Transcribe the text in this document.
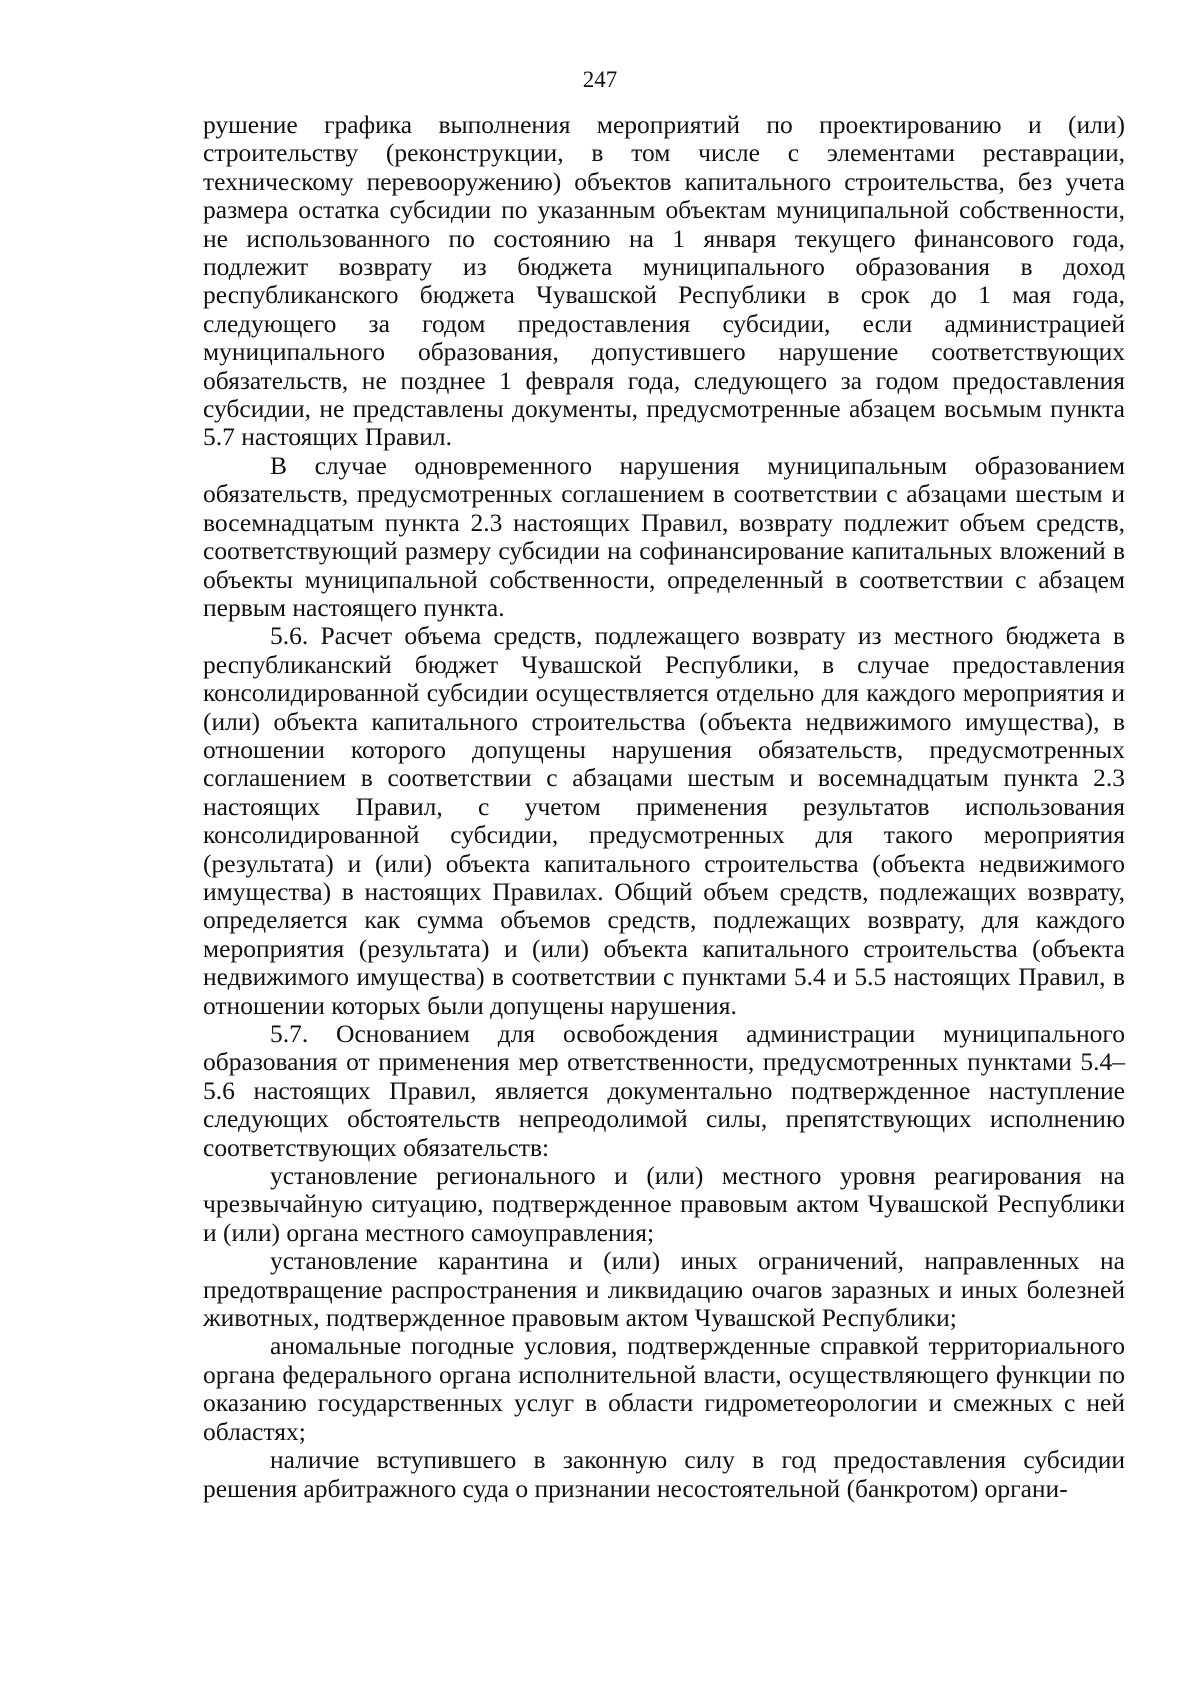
247

рушение графика выполнения мероприятий по проектированию и (или) строительству (реконструкции, в том числе с элементами реставрации, техническому перевооружению) объектов капитального строительства, без учета размера остатка субсидии по указанным объектам муниципальной собственности, не использованного по состоянию на 1 января текущего финансового года, подлежит возврату из бюджета муниципального образования в доход республиканского бюджета Чувашской Республики в срок до 1 мая года, следующего за годом предоставления субсидии, если администрацией муниципального образования, допустившего нарушение соответствующих обязательств, не позднее 1 февраля года, следующего за годом предоставления субсидии, не представлены документы, предусмотренные абзацем восьмым пункта 5.7 настоящих Правил.

В случае одновременного нарушения муниципальным образованием обязательств, предусмотренных соглашением в соответствии с абзацами шестым и восемнадцатым пункта 2.3 настоящих Правил, возврату подлежит объем средств, соответствующий размеру субсидии на софинансирование капитальных вложений в объекты муниципальной собственности, определенный в соответствии с абзацем первым настоящего пункта.

5.6. Расчет объема средств, подлежащего возврату из местного бюджета в республиканский бюджет Чувашской Республики, в случае предоставления консолидированной субсидии осуществляется отдельно для каждого мероприятия и (или) объекта капитального строительства (объекта недвижимого имущества), в отношении которого допущены нарушения обязательств, предусмотренных соглашением в соответствии с абзацами шестым и восемнадцатым пункта 2.3 настоящих Правил, с учетом применения результатов использования консолидированной субсидии, предусмотренных для такого мероприятия (результата) и (или) объекта капитального строительства (объекта недвижимого имущества) в настоящих Правилах. Общий объем средств, подлежащих возврату, определяется как сумма объемов средств, подлежащих возврату, для каждого мероприятия (результата) и (или) объекта капитального строительства (объекта недвижимого имущества) в соответствии с пунктами 5.4 и 5.5 настоящих Правил, в отношении которых были допущены нарушения.

5.7. Основанием для освобождения администрации муниципального образования от применения мер ответственности, предусмотренных пунктами 5.4–5.6 настоящих Правил, является документально подтвержденное наступление следующих обстоятельств непреодолимой силы, препятствующих исполнению соответствующих обязательств:

установление регионального и (или) местного уровня реагирования на чрезвычайную ситуацию, подтвержденное правовым актом Чувашской Республики и (или) органа местного самоуправления;

установление карантина и (или) иных ограничений, направленных на предотвращение распространения и ликвидацию очагов заразных и иных болезней животных, подтвержденное правовым актом Чувашской Республики;

аномальные погодные условия, подтвержденные справкой территориального органа федерального органа исполнительной власти, осуществляющего функции по оказанию государственных услуг в области гидрометеорологии и смежных с ней областях;

наличие вступившего в законную силу в год предоставления субсидии решения арбитражного суда о признании несостоятельной (банкротом) органи-
